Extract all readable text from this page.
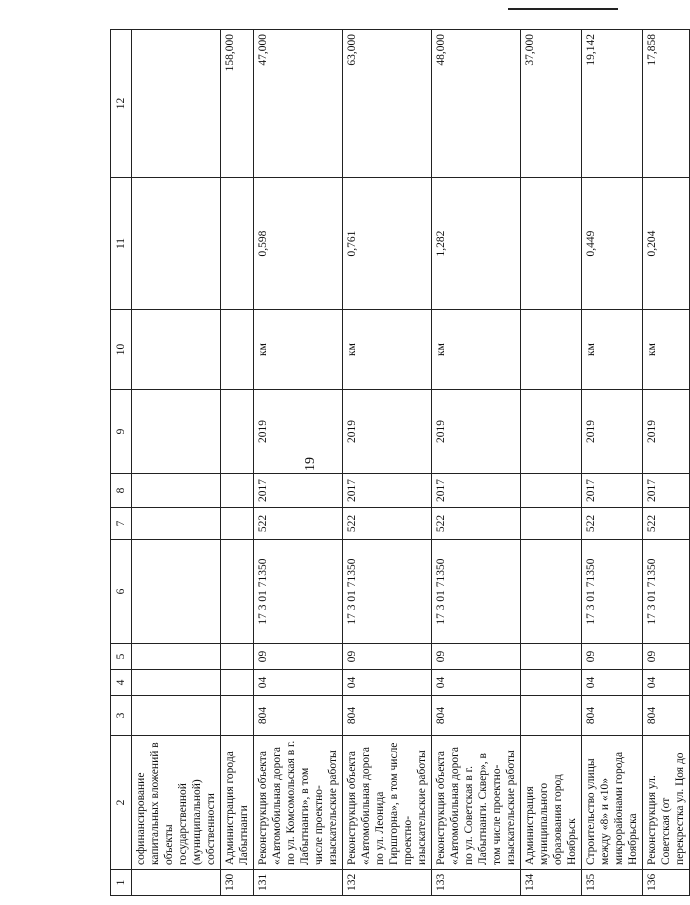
19
1	2	3	4	5	6	7	8	9	10	11	12
	софинансирование капитальных вложений в объекты государственной (муниципальной) собственности										
130	Администрация города Лабытнанги										158,000
131	Реконструкция объекта «Автомобильная дорога по ул. Комсомольская в г. Лабытнанги», в том числе проектно-изыскательские работы	804	04	09	17 3 01 71350	522	2017	2019	км	0,598	47,000
132	Реконструкция объекта «Автомобильная дорога по ул. Леонида Гиршгорна», в том числе проектно-изыскательские работы	804	04	09	17 3 01 71350	522	2017	2019	км	0,761	63,000
133	Реконструкция объекта «Автомобильная дорога по ул. Советская в г. Лабытнанги. Сквер», в том числе проектно-изыскательские работы	804	04	09	17 3 01 71350	522	2017	2019	км	1,282	48,000
134	Администрация муниципального образования город Ноябрьск										37,000
135	Строительство улицы между «8» и «10» микрорайонами города Ноябрьска	804	04	09	17 3 01 71350	522	2017	2019	км	0,449	19,142
136	Реконструкция ул. Советская (от перекрестка ул. Цоя до	804	04	09	17 3 01 71350	522	2017	2019	км	0,204	17,858
